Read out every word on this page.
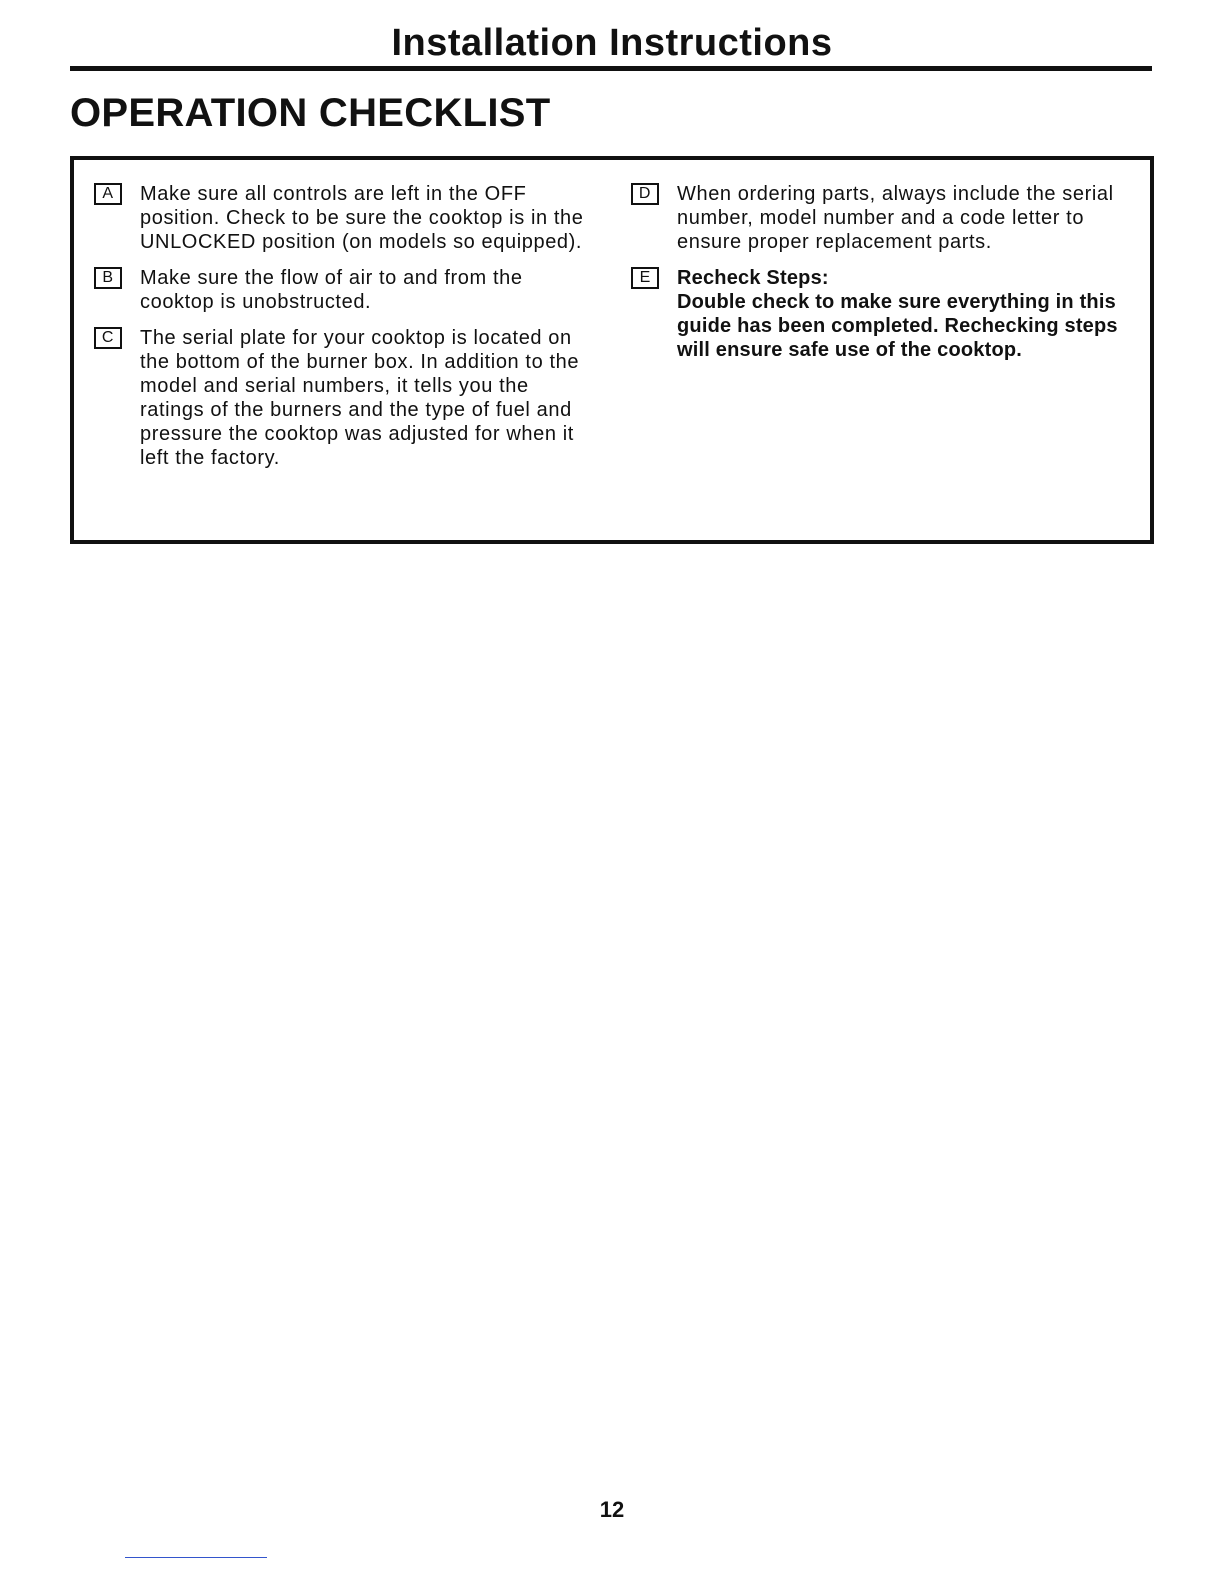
Installation Instructions
OPERATION CHECKLIST
A	Make sure all controls are left in the OFF position. Check to be sure the cooktop is in the UNLOCKED position (on models so equipped).
B	Make sure the flow of air to and from the cooktop is unobstructed.
C	The serial plate for your cooktop is located on the bottom of the burner box. In addition to the model and serial numbers, it tells you the ratings of the burners and the type of fuel and pressure the cooktop was adjusted for when it left the factory.
D	When ordering parts, always include the serial number, model number and a code letter to ensure proper replacement parts.
E	Recheck Steps:
Double check to make sure everything in this guide has been completed. Rechecking steps will ensure safe use of the cooktop.
12
